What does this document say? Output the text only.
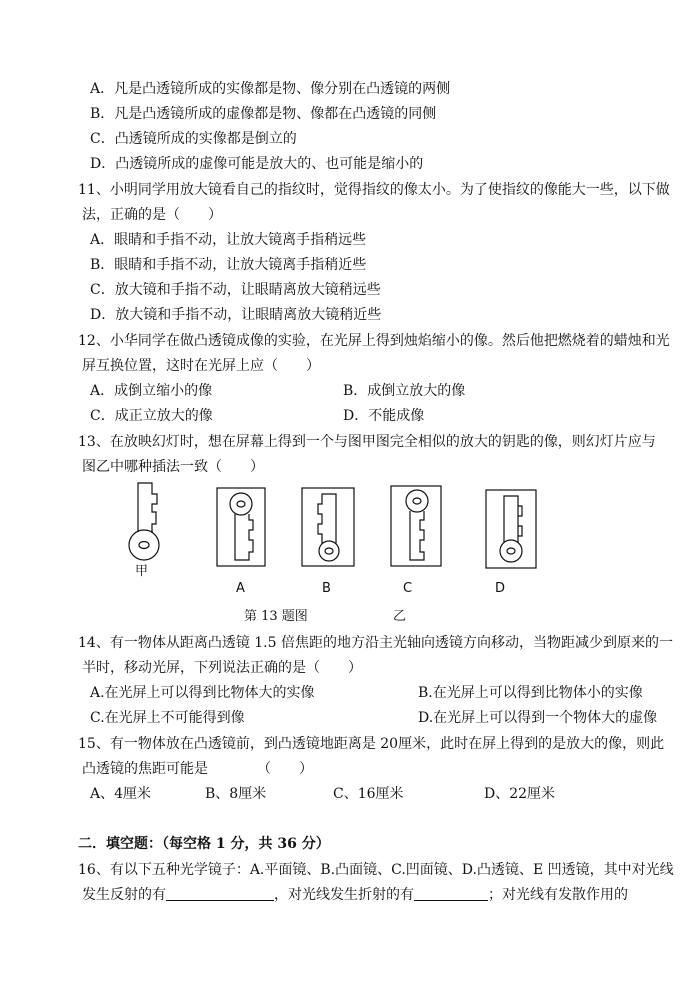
A．凡是凸透镜所成的实像都是物、像分别在凸透镜的两侧
B．凡是凸透镜所成的虚像都是物、像都在凸透镜的同侧
C．凸透镜所成的实像都是倒立的
D．凸透镜所成的虚像可能是放大的、也可能是缩小的
11、小明同学用放大镜看自己的指纹时，觉得指纹的像太小。为了使指纹的像能大一些，以下做
法，正确的是（　　）
A．眼睛和手指不动，让放大镜离手指稍远些
B．眼睛和手指不动，让放大镜离手指稍近些
C．放大镜和手指不动，让眼睛离放大镜稍远些
D．放大镜和手指不动，让眼睛离放大镜稍近些
12、小华同学在做凸透镜成像的实验，在光屏上得到烛焰缩小的像。然后他把燃烧着的蜡烛和光
屏互换位置，这时在光屏上应（　　）
A．成倒立缩小的像	B．成倒立放大的像
C．成正立放大的像	D．不能成像
13、在放映幻灯时，想在屏幕上得到一个与图甲图完全相似的放大的钥匙的像，则幻灯片应与
图乙中哪种插法一致（　　）
甲
A	B	C	D
第 13 题图	乙
14、有一物体从距离凸透镜 1.5 倍焦距的地方沿主光轴向透镜方向移动，当物距减少到原来的一
半时，移动光屏，下列说法正确的是（　　）
A.在光屏上可以得到比物体大的实像	B.在光屏上可以得到比物体小的实像
C.在光屏上不可能得到像	D.在光屏上可以得到一个物体大的虚像
15、有一物体放在凸透镜前，到凸透镜地距离是 20厘米，此时在屏上得到的是放大的像，则此
凸透镜的焦距可能是　　　　（　　）
A、4厘米	B、8厘米	C、16厘米	D、22厘米
二．填空题：（每空格 1 分，共 36 分）
16、有以下五种光学镜子：A.平面镜、B.凸面镜、C.凹面镜、D.凸透镜、E 凹透镜，其中对光线
发生反射的有	，对光线发生折射的有	；对光线有发散作用的
